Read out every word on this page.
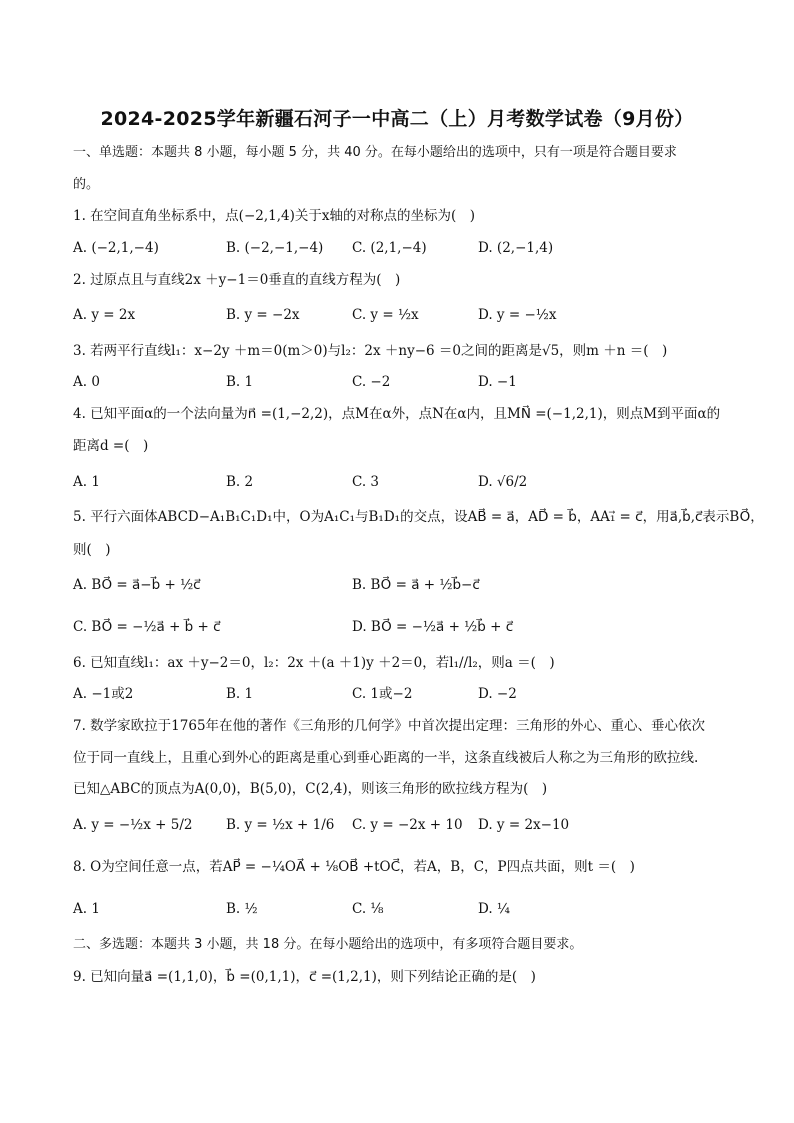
2024-2025学年新疆石河子一中高二（上）月考数学试卷（9月份）
一、单选题：本题共 8 小题，每小题 5 分，共 40 分。在每小题给出的选项中，只有一项是符合题目要求
的。
1. 在空间直角坐标系中，点(−2,1,4)关于x轴的对称点的坐标为(　)
A. (−2,1,−4)	B. (−2,−1,−4) C. (2,1,−4)	D. (2,−1,4)
2. 过原点且与直线2x ＋y−1＝0垂直的直线方程为(　)
A. y = 2x	B. y = −2x	C. y = ½x	D. y = −½x
3. 若两平行直线l₁：x−2y ＋m＝0(m＞0)与l₂：2x ＋ny−6 ＝0之间的距离是√5，则m ＋n ＝(　)
A. 0	B. 1	C. −2	D. −1
4. 已知平面α的一个法向量为n⃗ =(1,−2,2)，点M在α外，点N在α内，且MN⃗ =(−1,2,1)，则点M到平面α的
距离d =(　)
A. 1	B. 2	C. 3	D. √6/2
5. 平行六面体ABCD−A₁B₁C₁D₁中，O为A₁C₁与B₁D₁的交点，设AB⃗ = a⃗，AD⃗ = b⃗，AA₁⃗ = c⃗，用a⃗,b⃗,c⃗表示BO⃗，
则(　)
A. BO⃗ = a⃗−b⃗ + ½c⃗	B. BO⃗ = a⃗ + ½b⃗−c⃗
C. BO⃗ = −½a⃗ + b⃗ + c⃗	D. BO⃗ = −½a⃗ + ½b⃗ + c⃗
6. 已知直线l₁：ax ＋y−2＝0，l₂：2x ＋(a ＋1)y ＋2＝0，若l₁//l₂，则a ＝(　)
A. −1或2	B. 1	C. 1或−2	D. −2
7. 数学家欧拉于1765年在他的著作《三角形的几何学》中首次提出定理：三角形的外心、重心、垂心依次
位于同一直线上，且重心到外心的距离是重心到垂心距离的一半，这条直线被后人称之为三角形的欧拉线.
已知△ABC的顶点为A(0,0)，B(5,0)，C(2,4)，则该三角形的欧拉线方程为(　)
A. y = −½x + 5/2 B. y = ½x + 1/6 C. y = −2x + 10 D. y = 2x−10
8. O为空间任意一点，若AP⃗ = −¼OA⃗ + ⅛OB⃗ +tOC⃗，若A，B，C，P四点共面，则t ＝(　)
A. 1	B. ½	C. ⅛	D. ¼
二、多选题：本题共 3 小题，共 18 分。在每小题给出的选项中，有多项符合题目要求。
9. 已知向量a⃗ =(1,1,0)，b⃗ =(0,1,1)，c⃗ =(1,2,1)，则下列结论正确的是(　)
